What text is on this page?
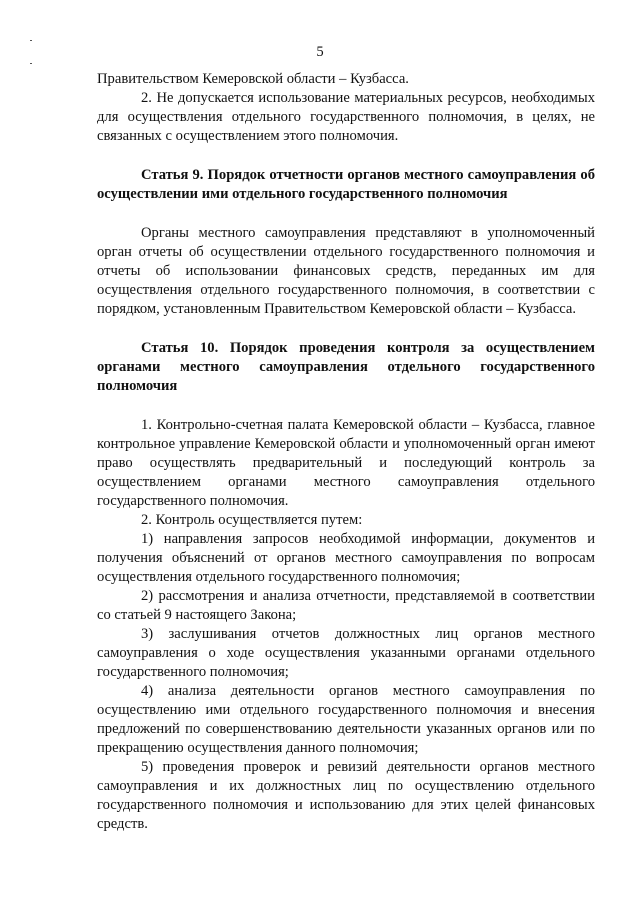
5

Правительством Кемеровской области – Кузбасса.

2. Не допускается использование материальных ресурсов, необходимых для осуществления отдельного государственного полномочия, в целях, не связанных с осуществлением этого полномочия.

Статья 9. Порядок отчетности органов местного самоуправления об осуществлении ими отдельного государственного полномочия

Органы местного самоуправления представляют в уполномоченный орган отчеты об осуществлении отдельного государственного полномочия и отчеты об использовании финансовых средств, переданных им для осуществления отдельного государственного полномочия, в соответствии с порядком, установленным Правительством Кемеровской области – Кузбасса.

Статья 10. Порядок проведения контроля за осуществлением органами местного самоуправления отдельного государственного полномочия

1. Контрольно-счетная палата Кемеровской области – Кузбасса, главное контрольное управление Кемеровской области и уполномоченный орган имеют право осуществлять предварительный и последующий контроль за осуществлением органами местного самоуправления отдельного государственного полномочия.

2. Контроль осуществляется путем:

1) направления запросов необходимой информации, документов и получения объяснений от органов местного самоуправления по вопросам осуществления отдельного государственного полномочия;

2) рассмотрения и анализа отчетности, представляемой в соответствии со статьей 9 настоящего Закона;

3) заслушивания отчетов должностных лиц органов местного самоуправления о ходе осуществления указанными органами отдельного государственного полномочия;

4) анализа деятельности органов местного самоуправления по осуществлению ими отдельного государственного полномочия и внесения предложений по совершенствованию деятельности указанных органов или по прекращению осуществления данного полномочия;

5) проведения проверок и ревизий деятельности органов местного самоуправления и их должностных лиц по осуществлению отдельного государственного полномочия и использованию для этих целей финансовых средств.
